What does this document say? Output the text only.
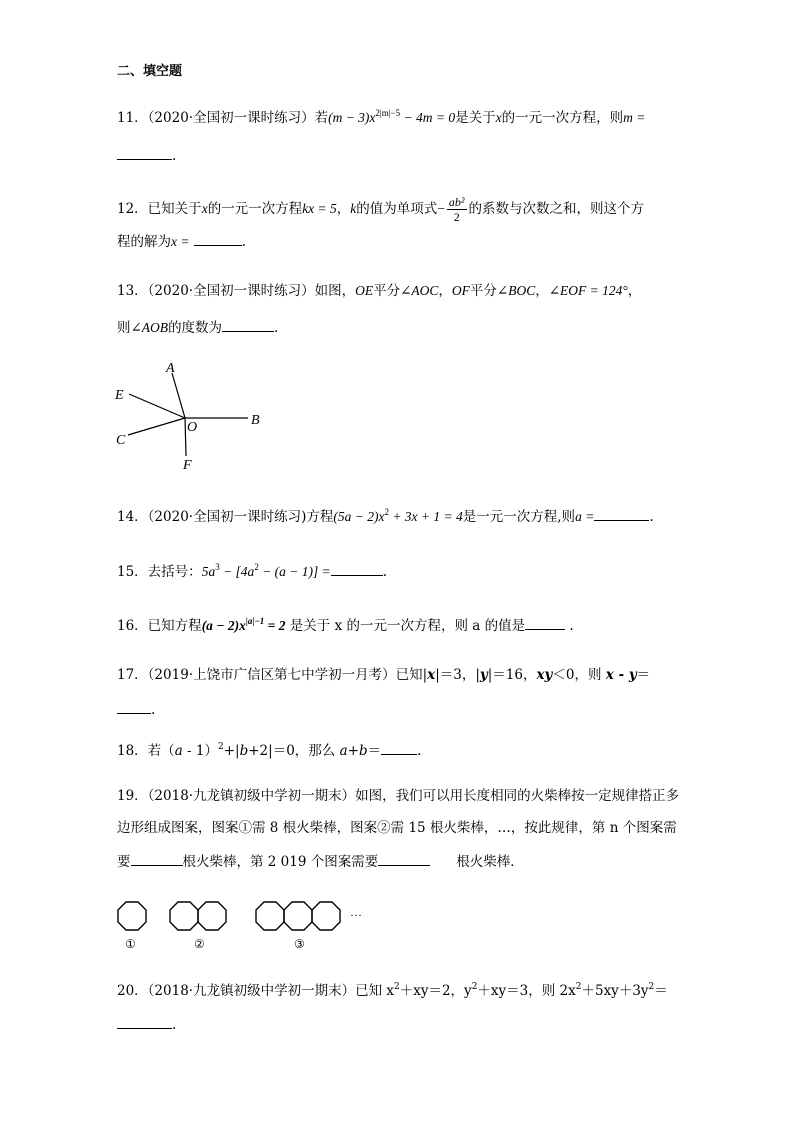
二、填空题
11．（2020·全国初一课时练习）若$(m - 3)x^{2|m|-5} - 4m = 0$是关于x的一元一次方程，则m =
.
12．已知关于x的一元一次方程kx = 5，k的值为单项式− $\frac{\text{ab²}}{2}$ 的系数与次数之和，则这个方
程的解为x =	.
13．（2020·全国初一课时练习）如图，OE平分∠AOC，OF平分∠BOC，∠EOF = 124°，
则∠AOB的度数为	．
A
E
O	B
C
F
14．（2020·全国初一课时练习)方程$(5a - 2)x^2 + 3x + 1 = 4$是一元一次方程,则a =	.
15．去括号：$5a^3 - [4a^2 - (a - 1)]$ =	.
16．已知方程$(a - 2)x^{|a|-1} = 2$ 是关于 x 的一元一次方程，则 a 的值是	.
17．（2019·上饶市广信区第七中学初一月考）已知|x|＝3，|y|＝16，xy＜0，则 x - y＝
.
18．若（a - 1）$^2$+|b+2|＝0，那么 a+b＝	.
19．（2018·九龙镇初级中学初一期末）如图，我们可以用长度相同的火柴棒按一定规律搭正多
边形组成图案，图案①需 8 根火柴棒，图案②需 15 根火柴棒，…，按此规律，第 n 个图案需
要	根火柴棒，第 2 019 个图案需要	根火柴棒．
…
①	②	③
20．（2018·九龙镇初级中学初一期末）已知 $x^2+xy=2$，$y^2+xy=3$，则 $2x^2+5xy+3y^2=$
.
